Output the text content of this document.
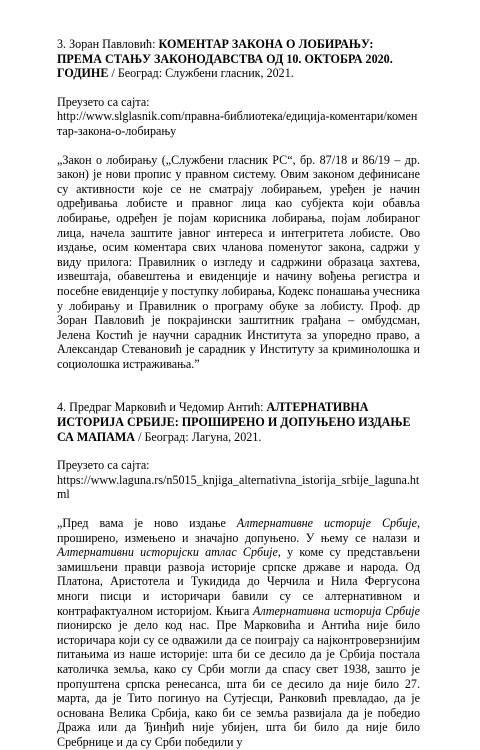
3. Зоран Павловић: КОМЕНТАР ЗАКОНА О ЛОБИРАЊУ: ПРЕМА СТАЊУ ЗАКОНОДАВСТВА ОД 10. ОКТОБРА 2020. ГОДИНЕ / Београд: Службени гласник, 2021.

Преузето са сајта:

http://www.slglasnik.com/правна-библиотека/едиција-коментари/коментар-закона-о-лобирању

„Закон о лобирању („Службени гласник РС“, бр. 87/18 и 86/19 – др. закон) је нови пропис у правном систему. Овим законом дефинисане су активности које се не сматрају лобирањем, уређен је начин одређивања лобисте и правног лица као субјекта који обавља лобирање, одређен је појам корисника лобирања, појам лобираног лица, начела заштите јавног интереса и интегритета лобисте. Ово издање, осим коментара свих чланова поменутог закона, садржи у виду прилога: Правилник о изгледу и садржини образаца захтева, извештаја, обавештења и евиденције и начину вођења регистра и посебне евиденције у поступку лобирања, Кодекс понашања учесника у лобирању и Правилник о програму обуке за лобисту. Проф. др Зоран Павловић је покрајински заштитник грађана – омбудсман, Јелена Костић је научни сарадник Института за упоредно право, а Александар Стевановић је сарадник у Институту за криминолошка и социолошка истраживања.”

4. Предраг Марковић и Чедомир Антић: АЛТЕРНАТИВНА ИСТОРИЈА СРБИЈЕ: ПРОШИРЕНО И ДОПУЊЕНО ИЗДАЊЕ СА МАПАМА / Београд: Лагуна, 2021.

Преузето са сајта:

https://www.laguna.rs/n5015_knjiga_alternativna_istorija_srbije_laguna.html

„Пред вама је ново издање Алтернативне историје Србије, проширено, измењено и значајно допуњено. У њему се налази и Алтернативни историјски атлас Србије, у коме су представљени замишљени правци развоја историје српске државе и народа. Од Платона, Аристотела и Тукидида до Черчила и Нила Фергусона многи писци и историчари бавили су се алтернативном и контрафактуалном историјом. Књига Алтернативна историја Србије пионирско је дело код нас. Пре Марковића и Антића није било историчара који су се одважили да се поиграју са најконтроверзнијим питањима из наше историје: шта би се десило да је Србија постала католичка земља, како су Срби могли да спасу свет 1938, зашто је пропуштена српска ренесанса, шта би се десило да није било 27. марта, да је Тито погинуо на Сутјесци, Ранковић превладао, да је основана Велика Србија, како би се земља развијала да је победио Дража или да Ђинђић није убијен, шта би било да није било Сребрнице и да су Срби победили у
